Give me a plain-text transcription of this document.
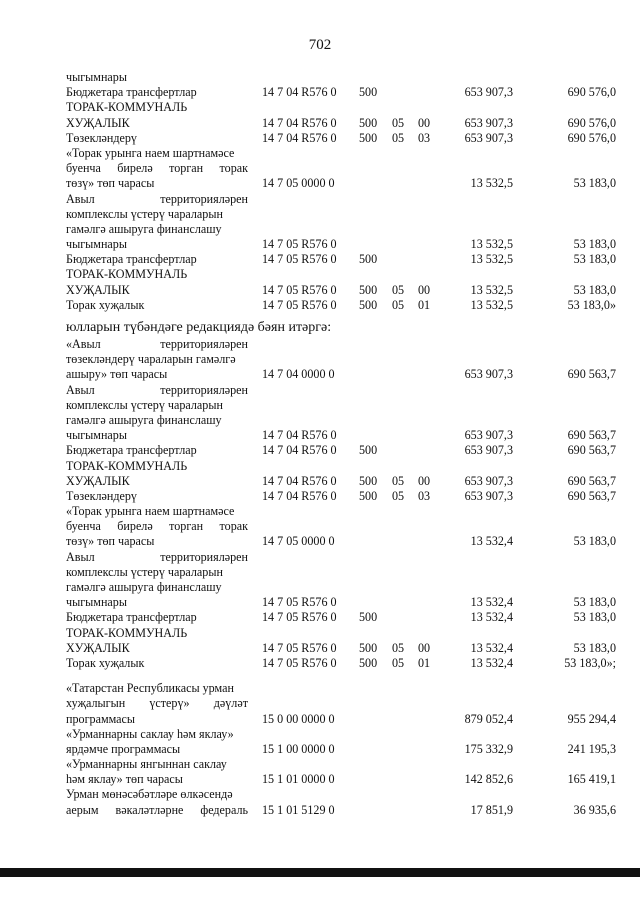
702
чыгымнары
Бюджетара трансфертлар	14 7 04 R576 0 500	653 907,3	690 576,0
ТОРАК-КОММУНАЛЬ
ХУҖАЛЫК	14 7 04 R576 0 500 05 00	653 907,3	690 576,0
Төзекләндерү	14 7 04 R576 0 500 05 03	653 907,3	690 576,0
«Торак урынга наем шартнамәсе
буенча бирелә торган торак
төзү» төп чарасы	14 7 05 0000 0	13 532,5	53 183,0
Авыл	территорияләрен
комплекслы үстерү чараларын
гамәлгә ашыруга финанслашу
чыгымнары	14 7 05 R576 0	13 532,5	53 183,0
Бюджетара трансфертлар	14 7 05 R576 0 500	13 532,5	53 183,0
ТОРАК-КОММУНАЛЬ
ХУҖАЛЫК	14 7 05 R576 0 500 05 00	13 532,5	53 183,0
Торак хуҗалык	14 7 05 R576 0 500 05 01	13 532,5	53 183,0»
юлларын түбәндәге редакциядә бәян итәргә:
«Авыл	территорияләрен
төзекләндерү чараларын гамәлгә
ашыру» төп чарасы	14 7 04 0000 0	653 907,3	690 563,7
Авыл	территорияләрен
комплекслы үстерү чараларын
гамәлгә ашыруга финанслашу
чыгымнары	14 7 04 R576 0	653 907,3	690 563,7
Бюджетара трансфертлар	14 7 04 R576 0 500	653 907,3	690 563,7
ТОРАК-КОММУНАЛЬ
ХУҖАЛЫК	14 7 04 R576 0 500 05 00	653 907,3	690 563,7
Төзекләндерү	14 7 04 R576 0 500 05 03	653 907,3	690 563,7
«Торак урынга наем шартнамәсе
буенча бирелә торган торак
төзү» төп чарасы	14 7 05 0000 0	13 532,4	53 183,0
Авыл	территорияләрен
комплекслы үстерү чараларын
гамәлгә ашыруга финанслашу
чыгымнары	14 7 05 R576 0	13 532,4	53 183,0
Бюджетара трансфертлар	14 7 05 R576 0 500	13 532,4	53 183,0
ТОРАК-КОММУНАЛЬ
ХУҖАЛЫК	14 7 05 R576 0 500 05 00	13 532,4	53 183,0
Торак хуҗалык	14 7 05 R576 0 500 05 01	13 532,4	53 183,0»;
«Татарстан Республикасы урман
хуҗалыгын үстерү» дәүләт
программасы	15 0 00 0000 0	879 052,4	955 294,4
«Урманнарны саклау һәм яклау»
ярдәмче программасы	15 1 00 0000 0	175 332,9	241 195,3
«Урманнарны янгыннан саклау
һәм яклау» төп чарасы	15 1 01 0000 0	142 852,6	165 419,1
Урман мөнәсәбәтләре өлкәсендә
аерым вәкаләтләрне федераль 15 1 01 5129 0	17 851,9	36 935,6
